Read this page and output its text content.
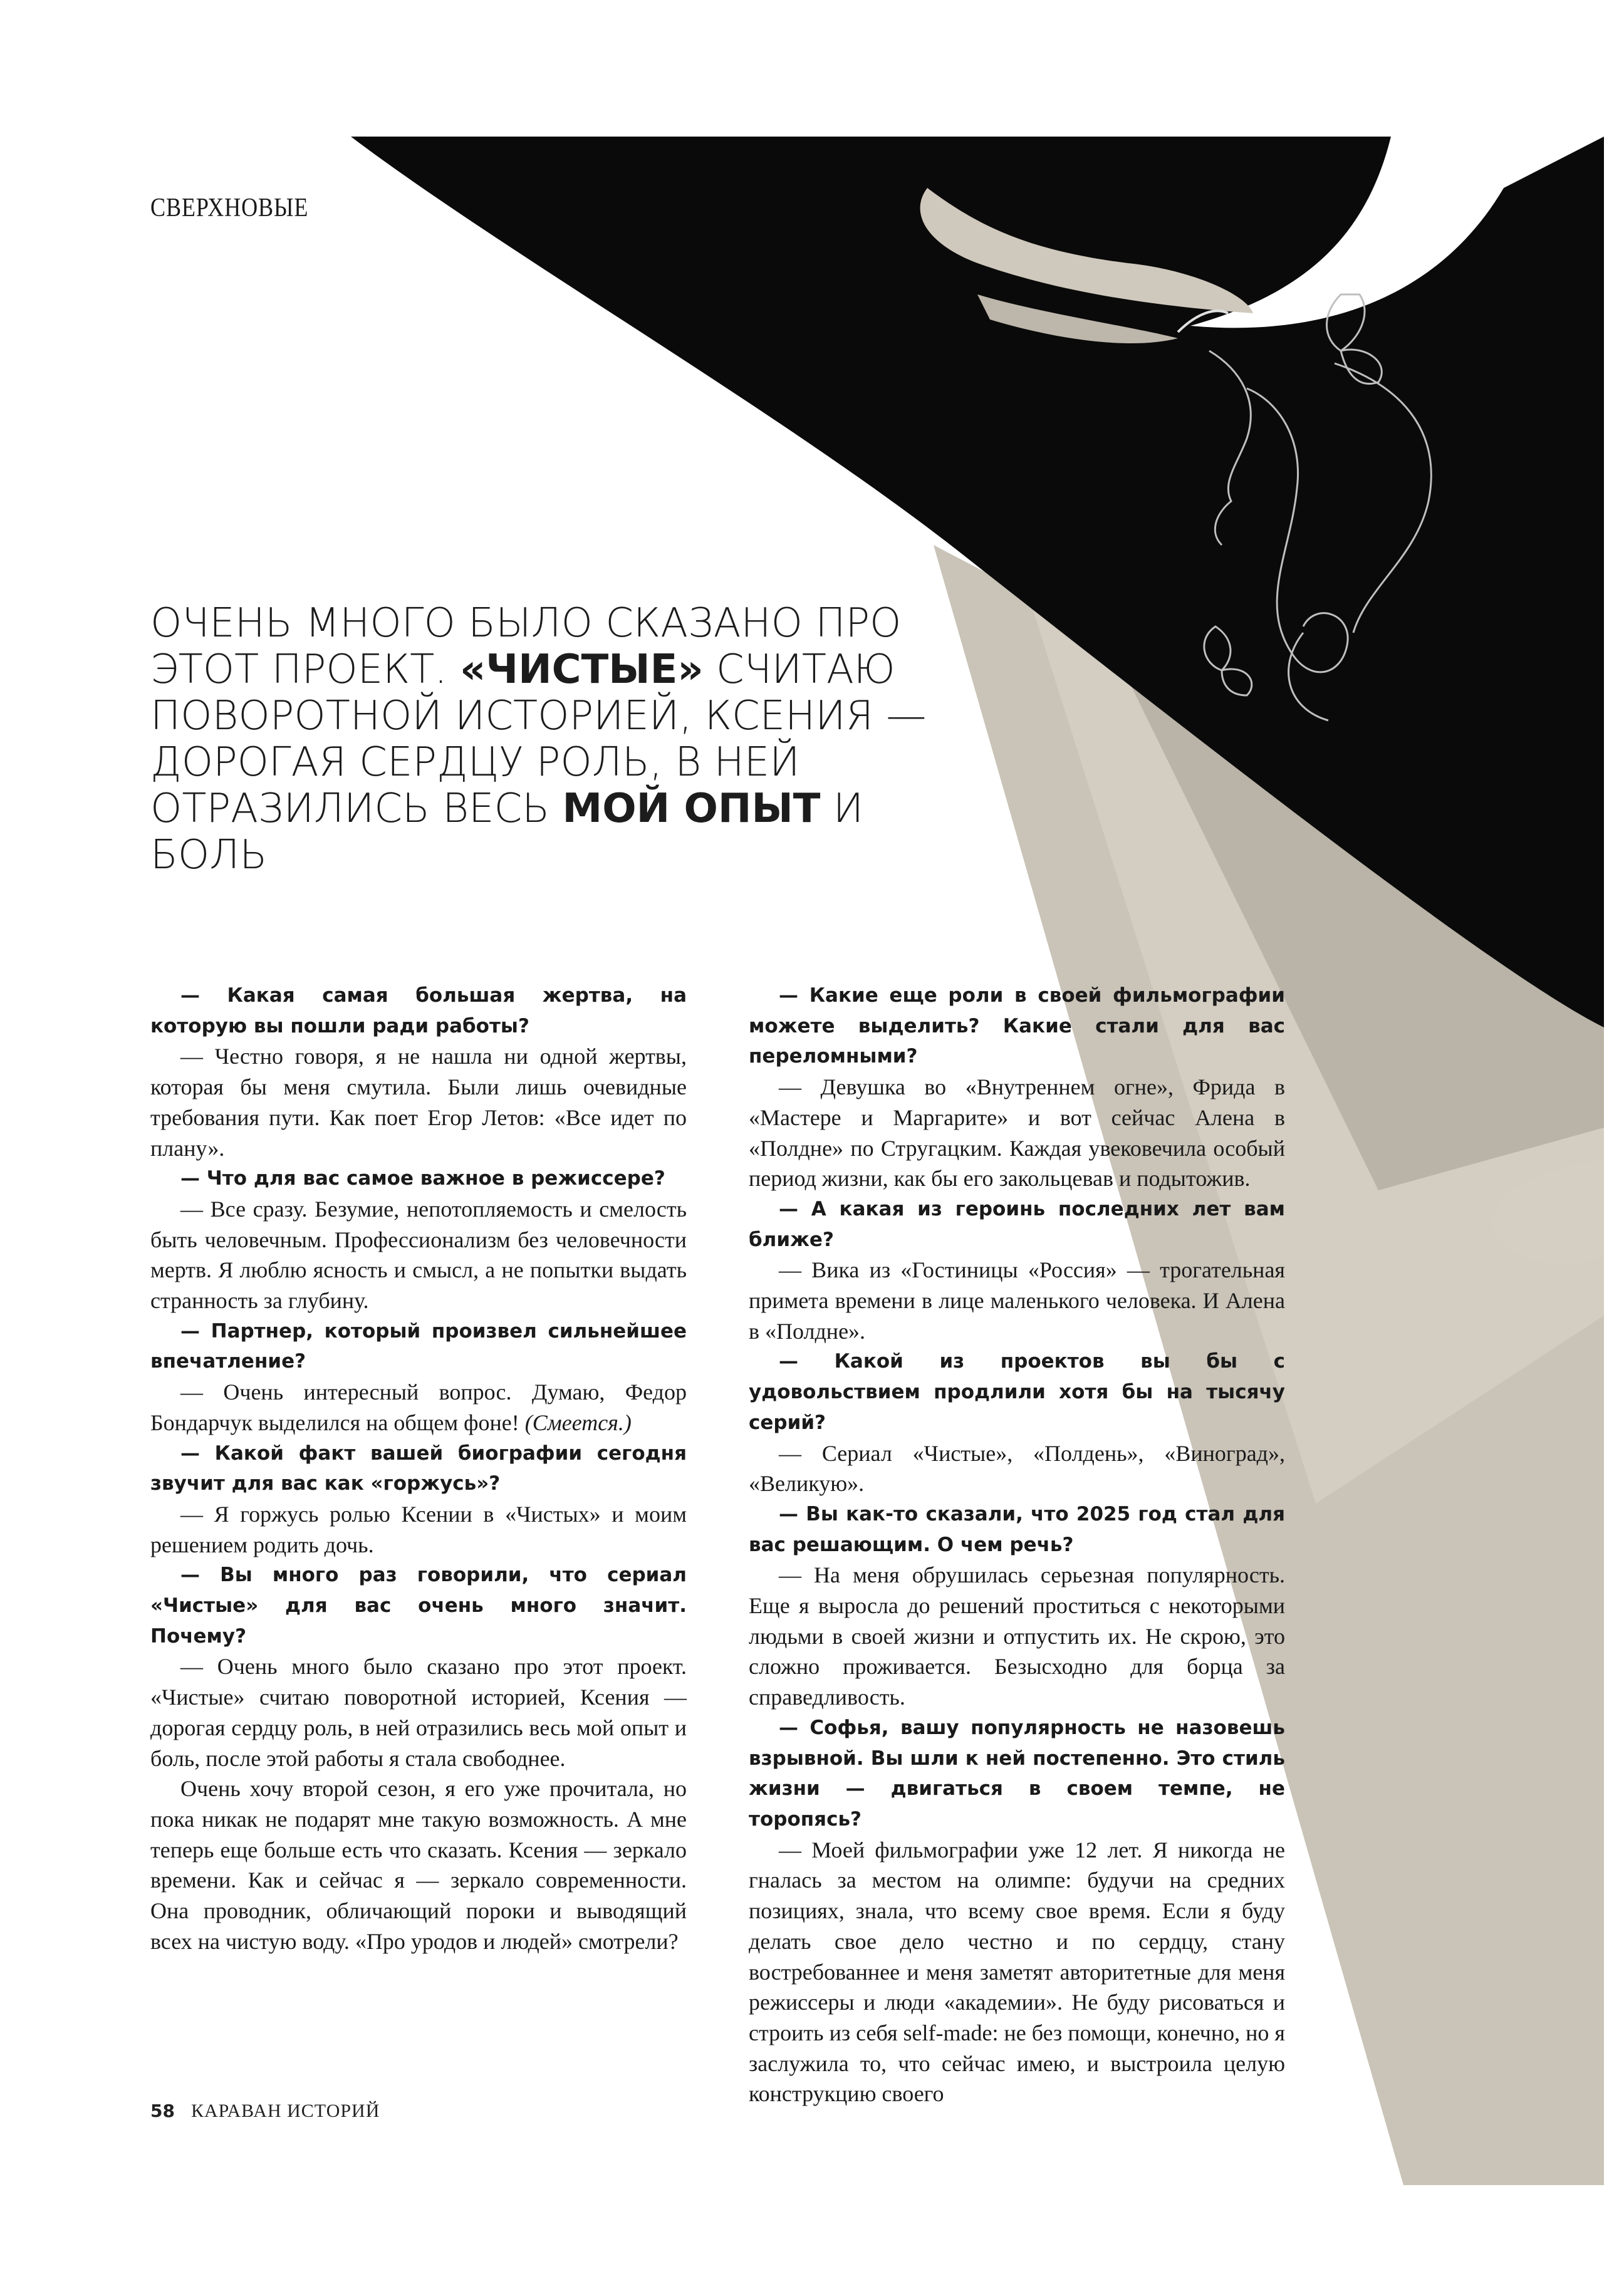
СВЕРХНОВЫЕ
ОЧЕНЬ МНОГО БЫЛО СКАЗАНО ПРО ЭТОТ ПРОЕКТ. «ЧИСТЫЕ» СЧИТАЮ ПОВОРОТНОЙ ИСТОРИЕЙ, КСЕНИЯ — ДОРОГАЯ СЕРДЦУ РОЛЬ, В НЕЙ ОТРАЗИЛИСЬ ВЕСЬ МОЙ ОПЫТ И БОЛЬ

— Какая самая большая жертва, на которую вы пошли ради работы?

— Честно говоря, я не нашла ни одной жертвы, которая бы меня смутила. Были лишь очевидные требования пути. Как поет Егор Летов: «Все идет по плану».

— Что для вас самое важное в режиссере?

— Все сразу. Безумие, непотопляемость и смелость быть человечным. Профессионализм без человечности мертв. Я люблю ясность и смысл, а не попытки выдать странность за глубину.

— Партнер, который произвел сильнейшее впечатление?

— Очень интересный вопрос. Думаю, Федор Бондарчук выделился на общем фоне! (Смеется.)

— Какой факт вашей биографии сегодня звучит для вас как «горжусь»?

— Я горжусь ролью Ксении в «Чистых» и моим решением родить дочь.

— Вы много раз говорили, что сериал «Чистые» для вас очень много значит. Почему?

— Очень много было сказано про этот проект. «Чистые» считаю поворотной историей, Ксения — дорогая сердцу роль, в ней отразились весь мой опыт и боль, после этой работы я стала свободнее.

Очень хочу второй сезон, я его уже прочитала, но пока никак не подарят мне такую возможность. А мне теперь еще больше есть что сказать. Ксения — зеркало времени. Как и сейчас я — зеркало современности. Она проводник, обличающий пороки и выводящий всех на чистую воду. «Про уродов и людей» смотрели?

— Какие еще роли в своей фильмографии можете выделить? Какие стали для вас переломными?

— Девушка во «Внутреннем огне», Фрида в «Мастере и Маргарите» и вот сейчас Алена в «Полдне» по Стругацким. Каждая увековечила особый период жизни, как бы его закольцевав и подытожив.

— А какая из героинь последних лет вам ближе?

— Вика из «Гостиницы «Россия» — трогательная примета времени в лице маленького человека. И Алена в «Полдне».

— Какой из проектов вы бы с удовольствием продлили хотя бы на тысячу серий?

— Сериал «Чистые», «Полдень», «Виноград», «Великую».

— Вы как-то сказали, что 2025 год стал для вас решающим. О чем речь?

— На меня обрушилась серьезная популярность. Еще я выросла до решений проститься с некоторыми людьми в своей жизни и отпустить их. Не скрою, это сложно проживается. Безысходно для борца за справедливость.

— Софья, вашу популярность не назовешь взрывной. Вы шли к ней постепенно. Это стиль жизни — двигаться в своем темпе, не торопясь?

— Моей фильмографии уже 12 лет. Я никогда не гналась за местом на олимпе: будучи на средних позициях, знала, что всему свое время. Если я буду делать свое дело честно и по сердцу, стану востребованнее и меня заметят авторитетные для меня режиссеры и люди «академии». Не буду рисоваться и строить из себя self-made: не без помощи, конечно, но я заслужила то, что сейчас имею, и выстроила целую конструкцию своего

58 КАРАВАН ИСТОРИЙ
